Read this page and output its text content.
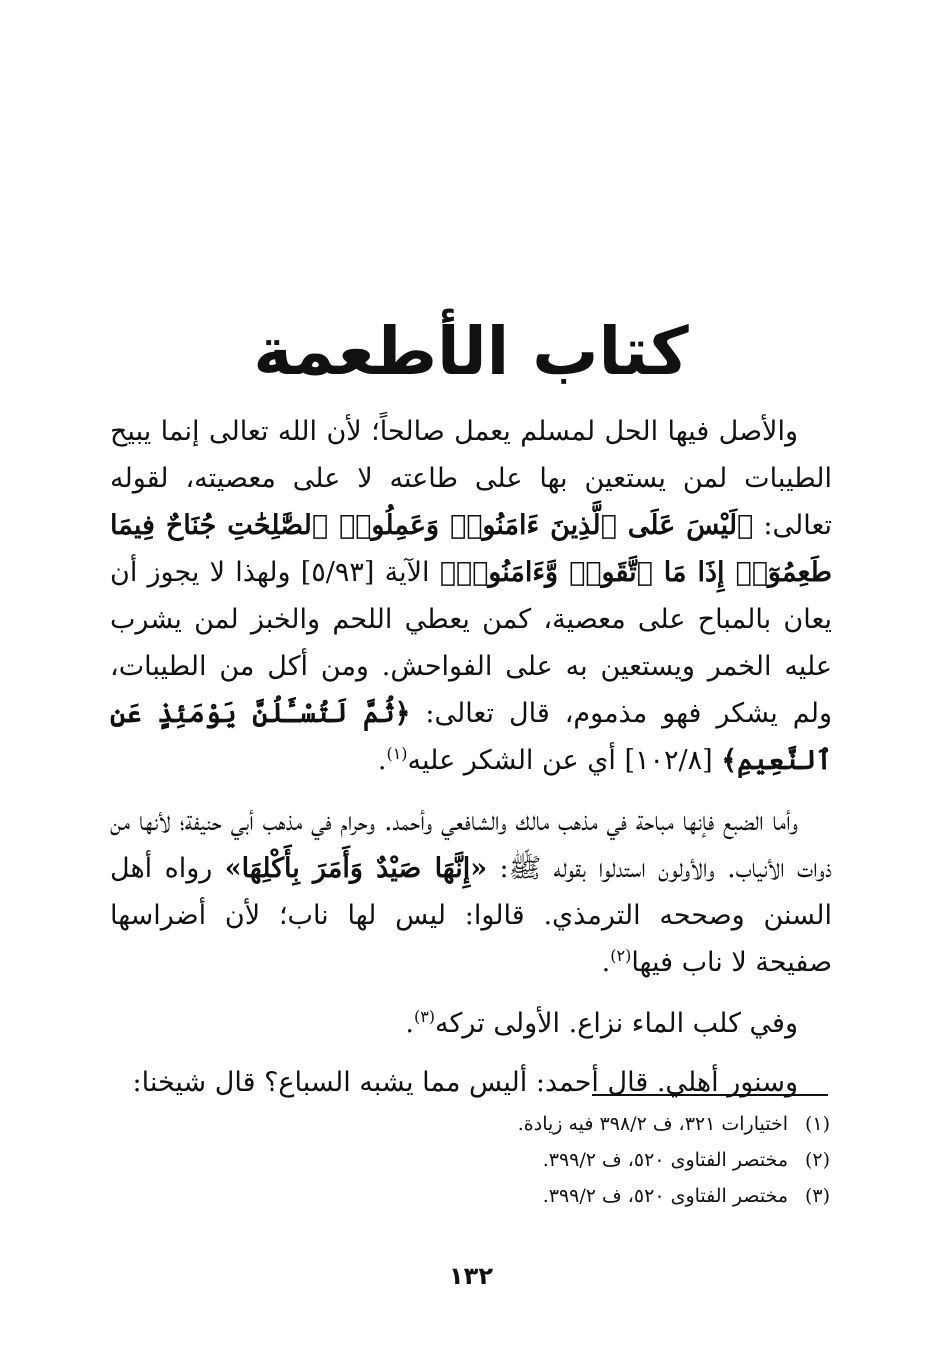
كتاب الأطعمة

والأصل فيها الحل لمسلم يعمل صالحاً؛ لأن الله تعالى إنما يبيح الطيبات لمن يستعين بها على طاعته لا على معصيته، لقوله تعالى: ﴿لَيْسَ عَلَى ٱلَّذِينَ ءَامَنُوا۟ وَعَمِلُوا۟ ٱلصَّٰلِحَٰتِ جُنَاحٌ فِيمَا طَعِمُوٓا۟ إِذَا مَا ٱتَّقَوا۟ وَّءَامَنُوا۟﴾ الآية [٥/٩٣] ولهذا لا يجوز أن يعان بالمباح على معصية، كمن يعطي اللحم والخبز لمن يشرب عليه الخمر ويستعين به على الفواحش. ومن أكل من الطيبات، ولم يشكر فهو مذموم، قال تعالى: ﴿ثُمَّ لَتُسْـَٔلُنَّ يَوْمَئِذٍ عَنِ ٱلنَّعِيمِ﴾ [١٠٢/٨] أي عن الشكر عليه$^{(١)}$.

وأما الضبع فإنها مباحة في مذهب مالك والشافعي وأحمد. وحرام في مذهب أبي حنيفة؛ لأنها من ذوات الأنياب. والأولون استدلوا بقوله ﷺ: «إِنَّهَا صَيْدٌ وَأَمَرَ بِأَكْلِهَا» رواه أهل السنن وصححه الترمذي. قالوا: ليس لها ناب؛ لأن أضراسها صفيحة لا ناب فيها$^{(٢)}$.

وفي كلب الماء نزاع. الأولى تركه$^{(٣)}$.

وسنور أهلي. قال أحمد: أليس مما يشبه السباع؟ قال شيخنا:

(١)
اختيارات ٣٢١، ف ٣٩٨/٢ فيه زيادة.
(٢)
مختصر الفتاوى ٥٢٠، ف ٣٩٩/٢.
(٣)
مختصر الفتاوى ٥٢٠، ف ٣٩٩/٢.
١٣٢
